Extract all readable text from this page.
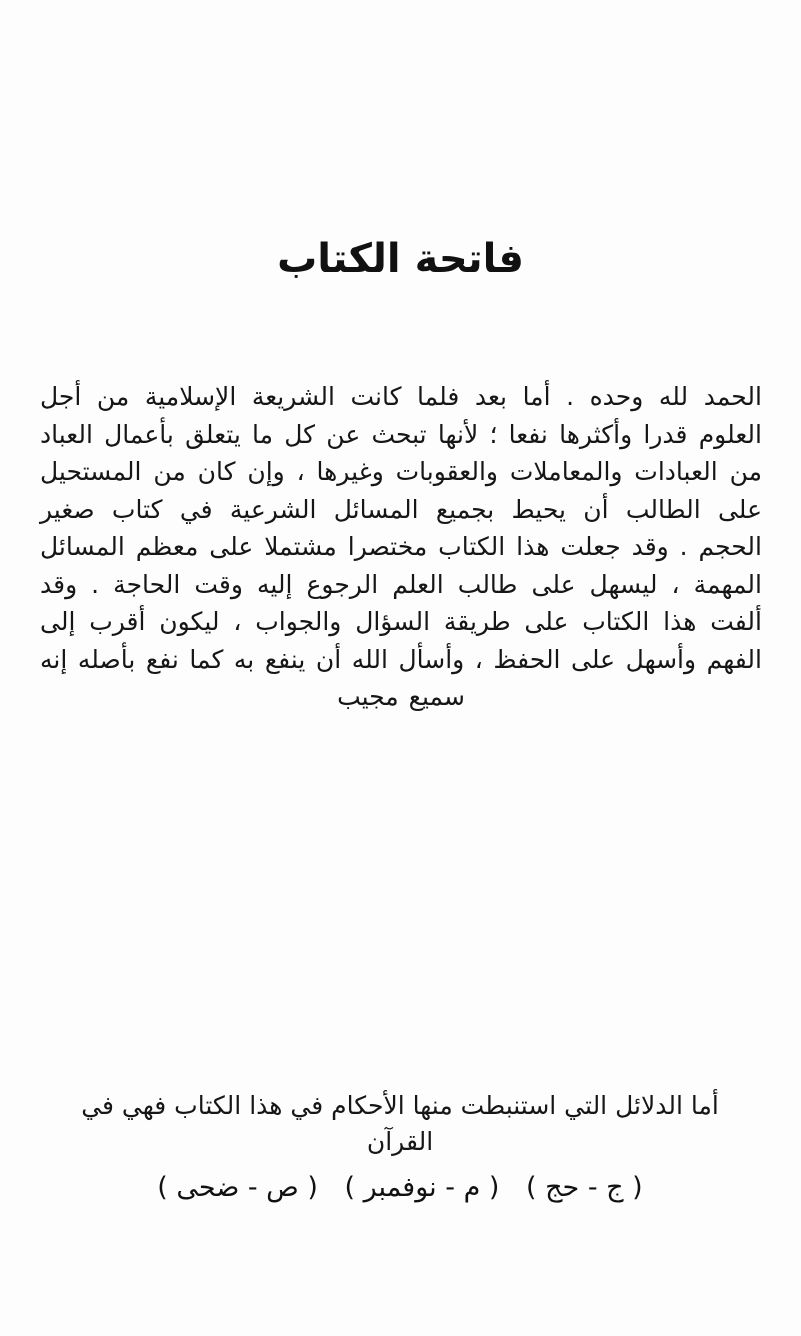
فاتحة الكتاب
الحمد لله وحده . أما بعد فلما كانت الشريعة الإسلامية من أجل العلوم قدرا وأكثرها نفعا ؛ لأنها تبحث عن كل ما يتعلق بأعمال العباد من العبادات والمعاملات والعقوبات وغيرها ، وإن كان من المستحيل على الطالب أن يحيط بجميع المسائل الشرعية في كتاب صغير الحجم . وقد جعلت هذا الكتاب مختصرا مشتملا على معظم المسائل المهمة ، ليسهل على طالب العلم الرجوع إليه وقت الحاجة . وقد ألفت هذا الكتاب على طريقة السؤال والجواب ، ليكون أقرب إلى الفهم وأسهل على الحفظ ، وأسأل الله أن ينفع به كما نفع بأصله إنه سميع مجيب
أما الدلائل التي استنبطت منها الأحكام في هذا الكتاب فهي في القرآن
( ج - حج ) ( م - نوفمبر ) ( ص - ضحى )
